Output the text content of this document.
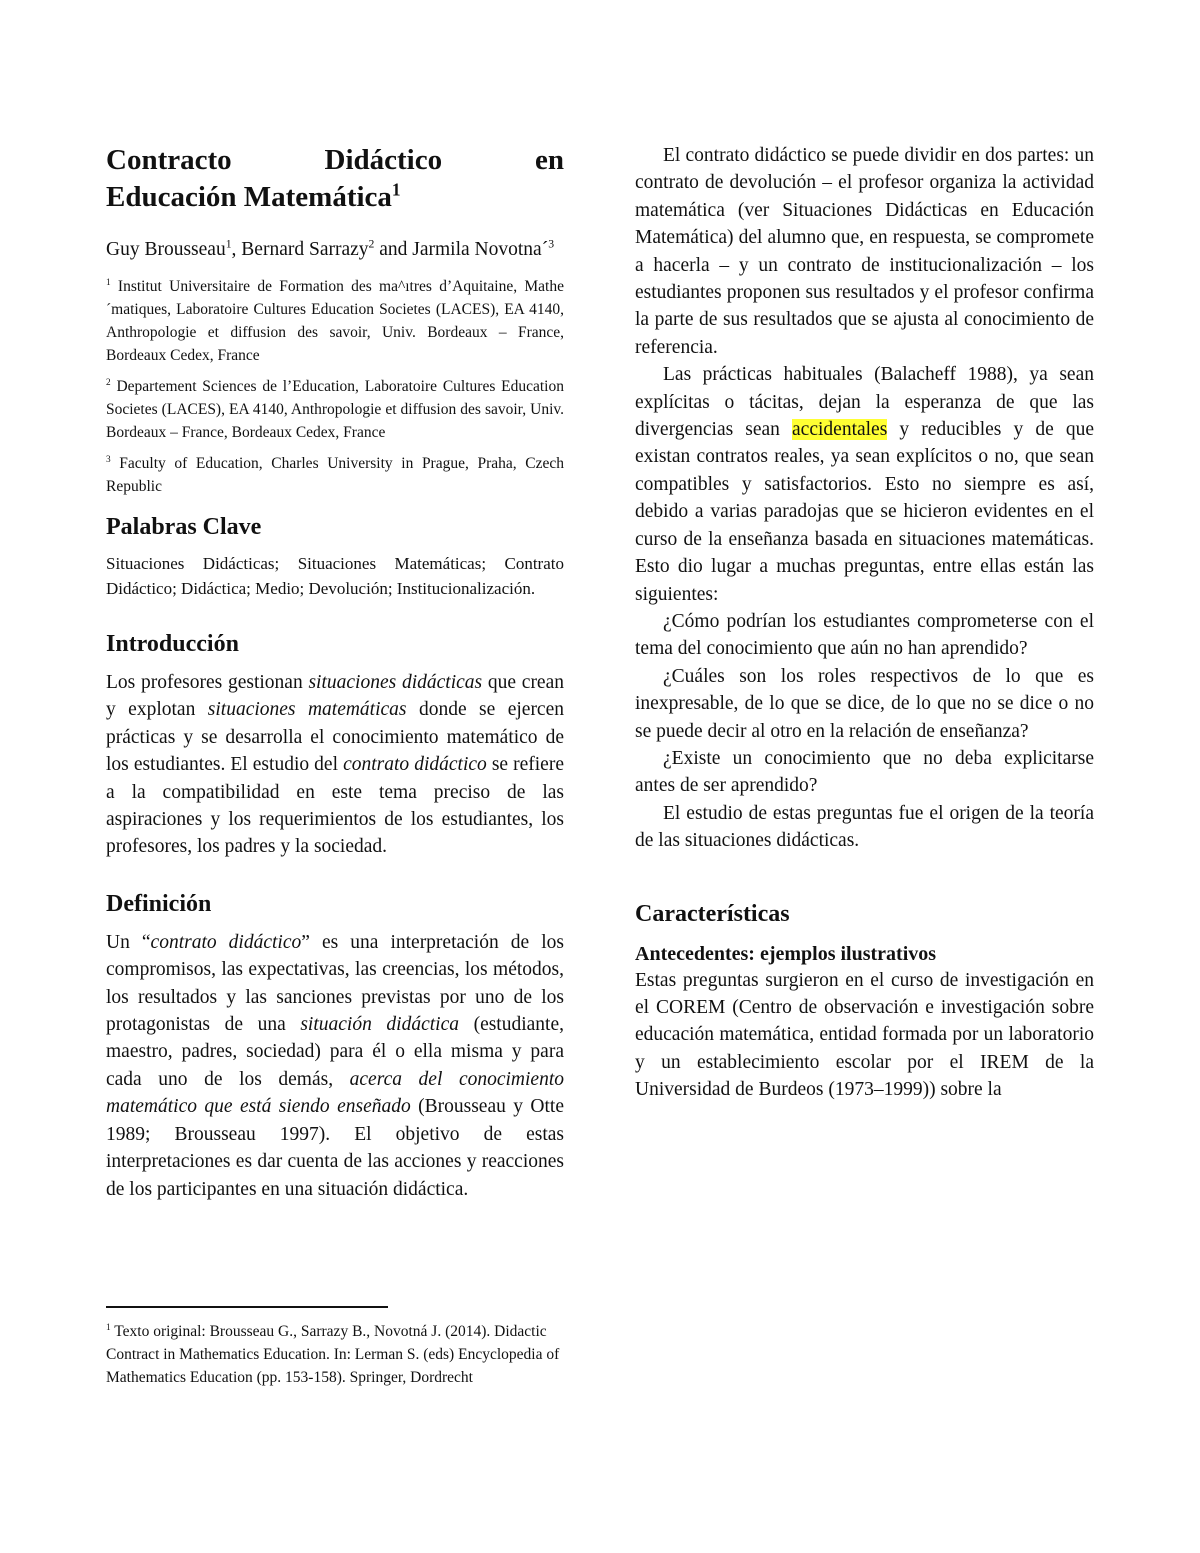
Contracto	Didáctico	en
Educación Matemática$^1$

Guy Brousseau$^1$, Bernard Sarrazy$^2$ and Jarmila Novotna´$^3$

$^1$ Institut Universitaire de Formation des ma^ıtres d’Aquitaine, Mathe´matiques, Laboratoire Cultures Education Societes (LACES), EA 4140, Anthropologie et diffusion des savoir, Univ. Bordeaux – France, Bordeaux Cedex, France

$^2$ Departement Sciences de l’Education, Laboratoire Cultures Education Societes (LACES), EA 4140, Anthropologie et diffusion des savoir, Univ. Bordeaux – France, Bordeaux Cedex, France

$^3$ Faculty of Education, Charles University in Prague, Praha, Czech Republic

Palabras Clave

Situaciones Didácticas; Situaciones Matemáticas; Contrato Didáctico; Didáctica; Medio; Devolución; Institucionalización.

Introducción

Los profesores gestionan situaciones didácticas que crean y explotan situaciones matemáticas donde se ejercen prácticas y se desarrolla el conocimiento matemático de los estudiantes. El estudio del contrato didáctico se refiere a la compatibilidad en este tema preciso de las aspiraciones y los requerimientos de los estudiantes, los profesores, los padres y la sociedad.

Definición

Un “contrato didáctico” es una interpretación de los compromisos, las expectativas, las creencias, los métodos, los resultados y las sanciones previstas por uno de los protagonistas de una situación didáctica (estudiante, maestro, padres, sociedad) para él o ella misma y para cada uno de los demás, acerca del conocimiento matemático que está siendo enseñado (Brousseau y Otte 1989; Brousseau 1997). El objetivo de estas interpretaciones es dar cuenta de las acciones y reacciones de los participantes en una situación didáctica.

$^1$ Texto original: Brousseau G., Sarrazy B., Novotná J. (2014). Didactic Contract in Mathematics Education. In: Lerman S. (eds) Encyclopedia of Mathematics Education (pp. 153-158). Springer, Dordrecht

El contrato didáctico se puede dividir en dos partes: un contrato de devolución – el profesor organiza la actividad matemática (ver Situaciones Didácticas en Educación Matemática) del alumno que, en respuesta, se compromete a hacerla – y un contrato de institucionalización – los estudiantes proponen sus resultados y el profesor confirma la parte de sus resultados que se ajusta al conocimiento de referencia.

Las prácticas habituales (Balacheff 1988), ya sean explícitas o tácitas, dejan la esperanza de que las divergencias sean accidentales y reducibles y de que existan contratos reales, ya sean explícitos o no, que sean compatibles y satisfactorios. Esto no siempre es así, debido a varias paradojas que se hicieron evidentes en el curso de la enseñanza basada en situaciones matemáticas. Esto dio lugar a muchas preguntas, entre ellas están las siguientes:

¿Cómo podrían los estudiantes comprometerse con el tema del conocimiento que aún no han aprendido?

¿Cuáles son los roles respectivos de lo que es inexpresable, de lo que se dice, de lo que no se dice o no se puede decir al otro en la relación de enseñanza?

¿Existe un conocimiento que no deba explicitarse antes de ser aprendido?

El estudio de estas preguntas fue el origen de la teoría de las situaciones didácticas.

Características
Antecedentes: ejemplos ilustrativos

Estas preguntas surgieron en el curso de investigación en el COREM (Centro de observación e investigación sobre educación matemática, entidad formada por un laboratorio y un establecimiento escolar por el IREM de la Universidad de Burdeos (1973–1999)) sobre la
